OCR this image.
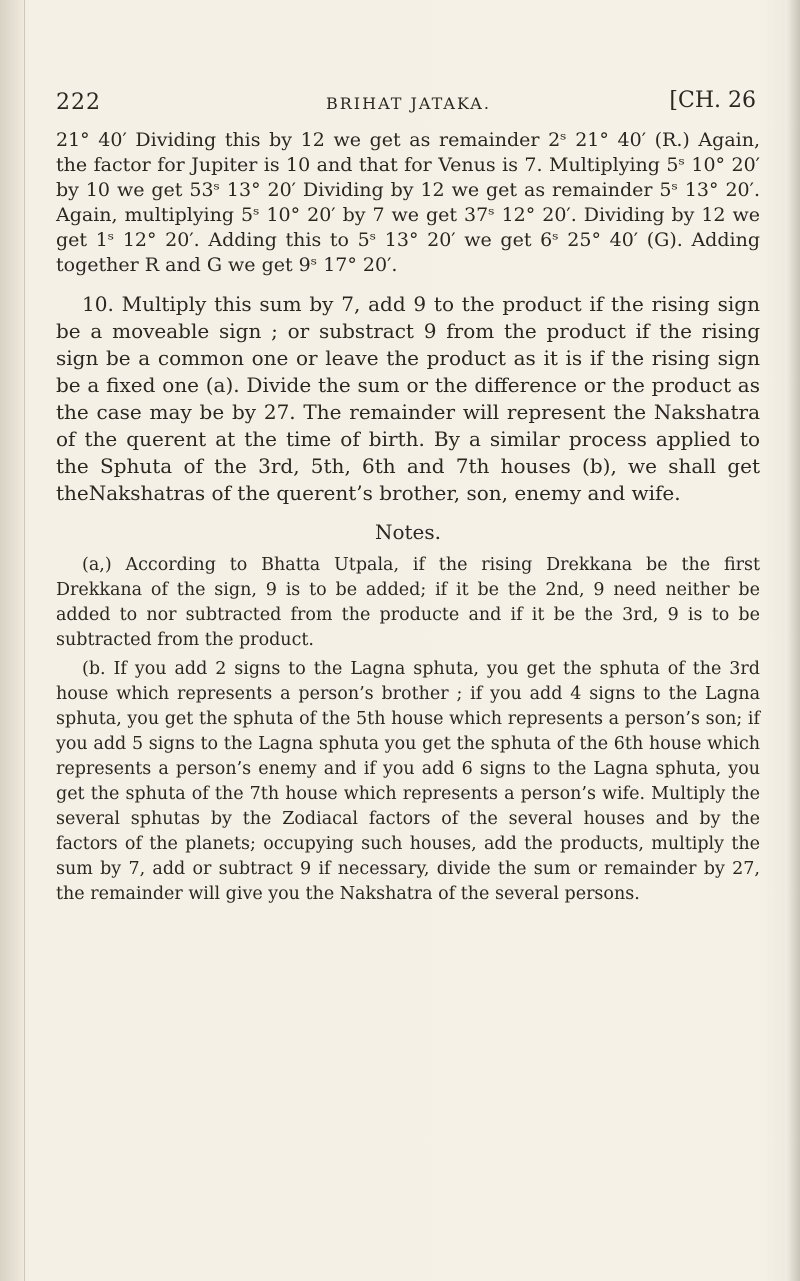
222	BRIHAT JATAKA.	[CH. 26

21° 40′ Dividing this by 12 we get as remainder 2ˢ 21° 40′ (R.) Again, the factor for Jupiter is 10 and that for Venus is 7. Multiplying 5ˢ 10° 20′ by 10 we get 53ˢ 13° 20′ Dividing by 12 we get as remainder 5ˢ 13° 20′. Again, multiplying 5ˢ 10° 20′ by 7 we get 37ˢ 12° 20′. Dividing by 12 we get 1ˢ 12° 20′. Adding this to 5ˢ 13° 20′ we get 6ˢ 25° 40′ (G). Adding together R and G we get 9ˢ 17° 20′.

10. Multiply this sum by 7, add 9 to the product if the rising sign be a moveable sign ; or substract 9 from the product if the rising sign be a common one or leave the product as it is if the rising sign be a fixed one (a). Divide the sum or the difference or the product as the case may be by 27. The remainder will represent the Nakshatra of the querent at the time of birth. By a similar process applied to the Sphuta of the 3rd, 5th, 6th and 7th houses (b), we shall get theNakshatras of the querent’s brother, son, enemy and wife.

Notes.

(a,) According to Bhatta Utpala, if the rising Drekkana be the first Drekkana of the sign, 9 is to be added; if it be the 2nd, 9 need neither be added to nor subtracted from the producte and if it be the 3rd, 9 is to be subtracted from the product.

(b. If you add 2 signs to the Lagna sphuta, you get the sphuta of the 3rd house which represents a person’s brother ; if you add 4 signs to the Lagna sphuta, you get the sphuta of the 5th house which represents a person’s son; if you add 5 signs to the Lagna sphuta you get the sphuta of the 6th house which represents a person’s enemy and if you add 6 signs to the Lagna sphuta, you get the sphuta of the 7th house which represents a person’s wife. Multiply the several sphutas by the Zodiacal factors of the several houses and by the factors of the planets; occupying such houses, add the products, multiply the sum by 7, add or subtract 9 if necessary, divide the sum or remainder by 27, the remainder will give you the Nakshatra of the several persons.
